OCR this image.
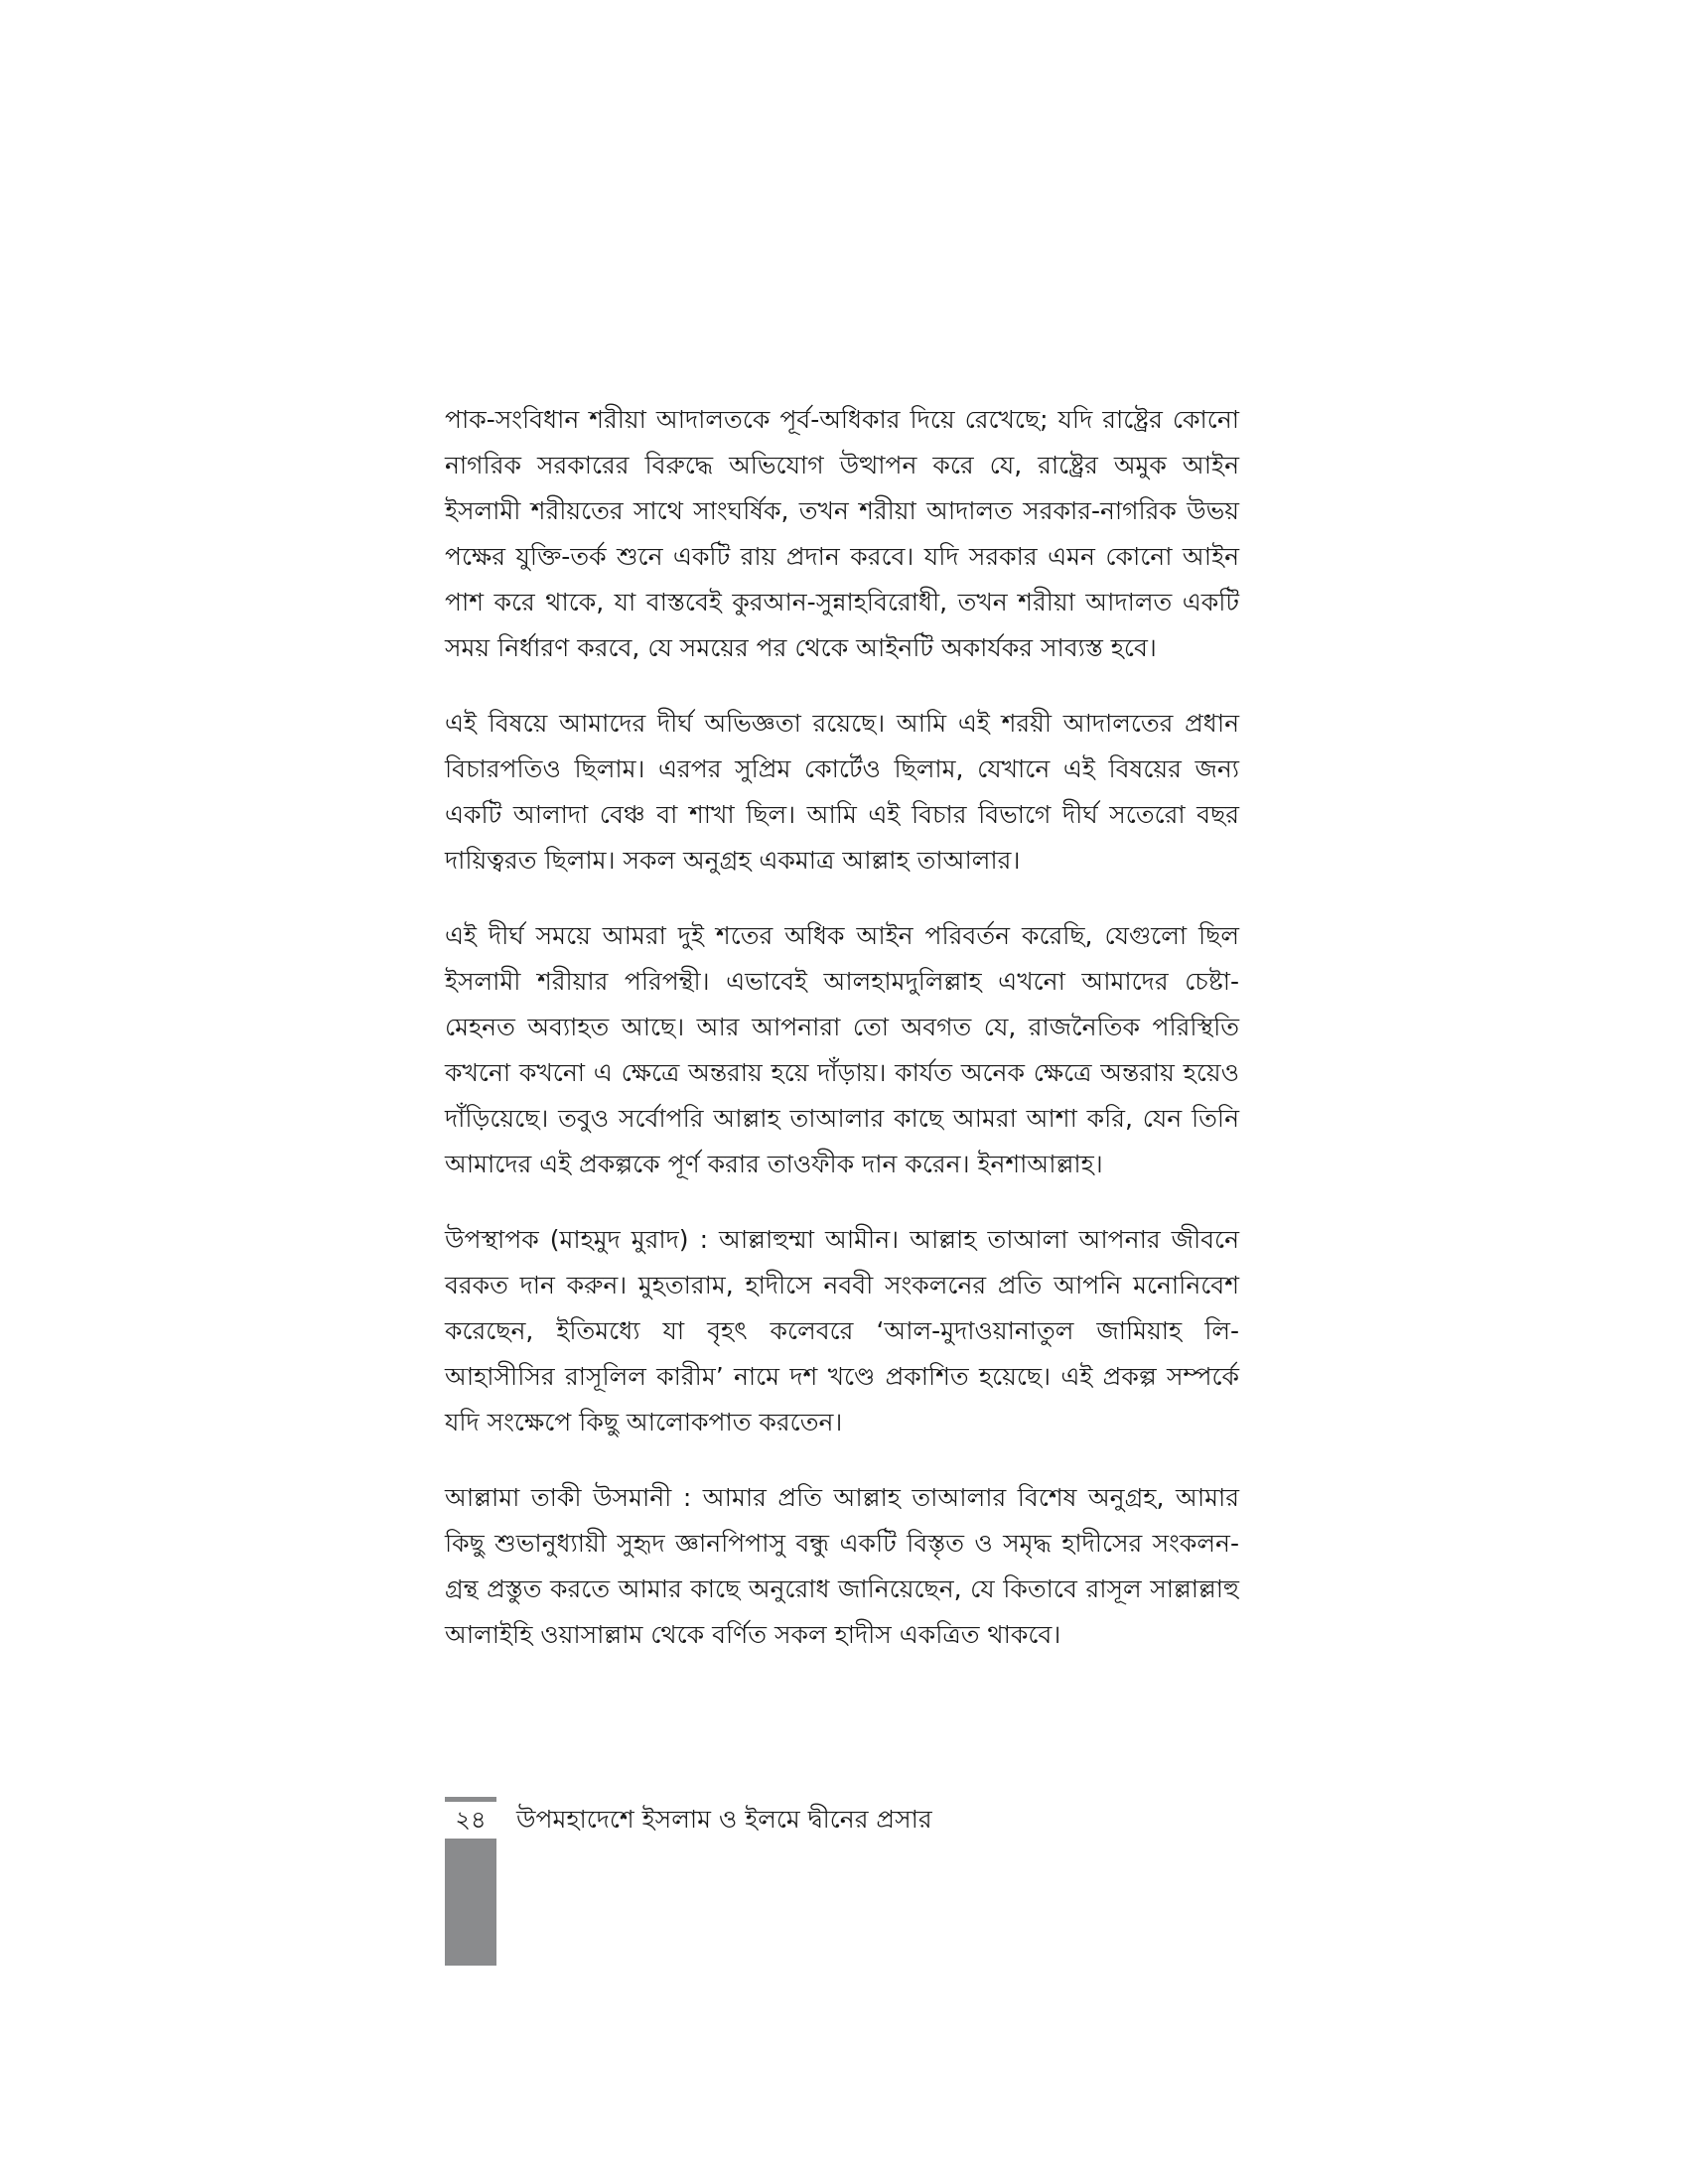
পাক-সংবিধান শরীয়া আদালতকে পূর্ব-অধিকার দিয়ে রেখেছে; যদি রাষ্ট্রের কোনো নাগরিক সরকারের বিরুদ্ধে অভিযোগ উত্থাপন করে যে, রাষ্ট্রের অমুক আইন ইসলামী শরীয়তের সাথে সাংঘর্ষিক, তখন শরীয়া আদালত সরকার-নাগরিক উভয় পক্ষের যুক্তি-তর্ক শুনে একটি রায় প্রদান করবে। যদি সরকার এমন কোনো আইন পাশ করে থাকে, যা বাস্তবেই কুরআন-সুন্নাহবিরোধী, তখন শরীয়া আদালত একটি সময় নির্ধারণ করবে, যে সময়ের পর থেকে আইনটি অকার্যকর সাব্যস্ত হবে।

এই বিষয়ে আমাদের দীর্ঘ অভিজ্ঞতা রয়েছে। আমি এই শরয়ী আদালতের প্রধান বিচারপতিও ছিলাম। এরপর সুপ্রিম কোর্টেও ছিলাম, যেখানে এই বিষয়ের জন্য একটি আলাদা বেঞ্চ বা শাখা ছিল। আমি এই বিচার বিভাগে দীর্ঘ সতেরো বছর দায়িত্বরত ছিলাম। সকল অনুগ্রহ একমাত্র আল্লাহ তাআলার।

এই দীর্ঘ সময়ে আমরা দুই শতের অধিক আইন পরিবর্তন করেছি, যেগুলো ছিল ইসলামী শরীয়ার পরিপন্থী। এভাবেই আলহামদুলিল্লাহ এখনো আমাদের চেষ্টা-মেহনত অব্যাহত আছে। আর আপনারা তো অবগত যে, রাজনৈতিক পরিস্থিতি কখনো কখনো এ ক্ষেত্রে অন্তরায় হয়ে দাঁড়ায়। কার্যত অনেক ক্ষেত্রে অন্তরায় হয়েও দাঁড়িয়েছে। তবুও সর্বোপরি আল্লাহ তাআলার কাছে আমরা আশা করি, যেন তিনি আমাদের এই প্রকল্পকে পূর্ণ করার তাওফীক দান করেন। ইনশাআল্লাহ।

উপস্থাপক (মাহমুদ মুরাদ) : আল্লাহুম্মা আমীন। আল্লাহ তাআলা আপনার জীবনে বরকত দান করুন। মুহতারাম, হাদীসে নববী সংকলনের প্রতি আপনি মনোনিবেশ করেছেন, ইতিমধ্যে যা বৃহৎ কলেবরে ‘আল-মুদাওয়ানাতুল জামিয়াহ লি-আহাসীসির রাসূলিল কারীম’ নামে দশ খণ্ডে প্রকাশিত হয়েছে। এই প্রকল্প সম্পর্কে যদি সংক্ষেপে কিছু আলোকপাত করতেন।

আল্লামা তাকী উসমানী : আমার প্রতি আল্লাহ তাআলার বিশেষ অনুগ্রহ, আমার কিছু শুভানুধ্যায়ী সুহৃদ জ্ঞানপিপাসু বন্ধু একটি বিস্তৃত ও সমৃদ্ধ হাদীসের সংকলন-গ্রন্থ প্রস্তুত করতে আমার কাছে অনুরোধ জানিয়েছেন, যে কিতাবে রাসূল সাল্লাল্লাহু আলাইহি ওয়াসাল্লাম থেকে বর্ণিত সকল হাদীস একত্রিত থাকবে।

২৪	উপমহাদেশে ইসলাম ও ইলমে দ্বীনের প্রসার
